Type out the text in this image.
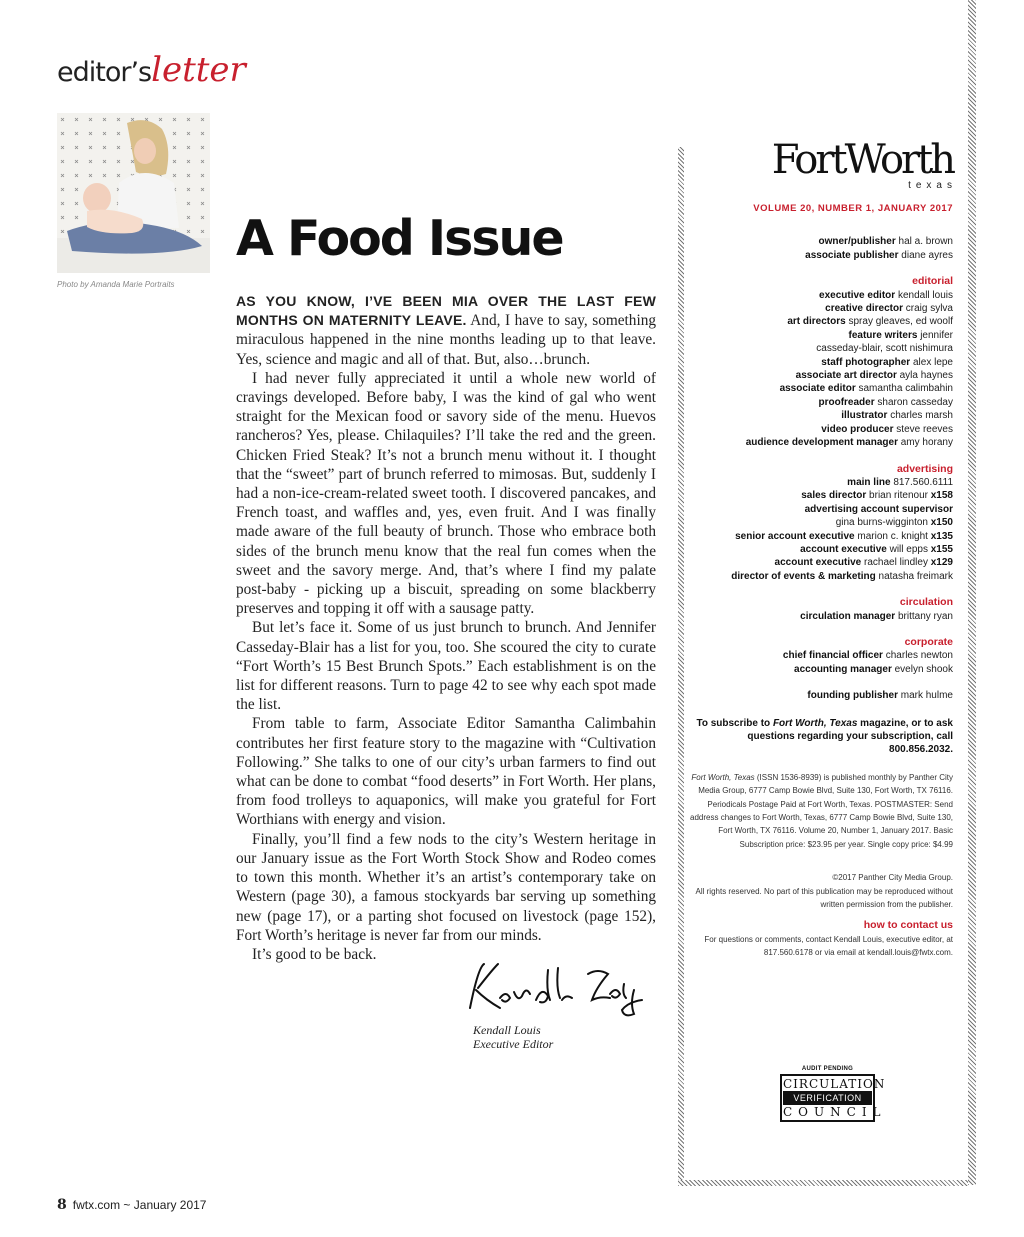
editor’sletter
Photo by Amanda Marie Portraits
A Food Issue

AS YOU KNOW, I’VE BEEN MIA OVER THE LAST FEW MONTHS ON MATERNITY LEAVE. And, I have to say, something miraculous happened in the nine months leading up to that leave. Yes, science and magic and all of that. But, also…brunch.

I had never fully appreciated it until a whole new world of cravings developed. Before baby, I was the kind of gal who went straight for the Mexican food or savory side of the menu. Huevos rancheros? Yes, please. Chilaquiles? I’ll take the red and the green. Chicken Fried Steak? It’s not a brunch menu without it. I thought that the “sweet” part of brunch referred to mimosas. But, suddenly I had a non-ice-cream-related sweet tooth. I discovered pancakes, and French toast, and waffles and, yes, even fruit. And I was finally made aware of the full beauty of brunch. Those who embrace both sides of the brunch menu know that the real fun comes when the sweet and the savory merge. And, that’s where I find my palate post-baby - picking up a biscuit, spreading on some blackberry preserves and topping it off with a sausage patty.

But let’s face it. Some of us just brunch to brunch. And Jennifer Casseday-Blair has a list for you, too. She scoured the city to curate “Fort Worth’s 15 Best Brunch Spots.” Each establishment is on the list for different reasons. Turn to page 42 to see why each spot made the list.

From table to farm, Associate Editor Samantha Calimbahin contributes her first feature story to the magazine with “Cultivation Following.” She talks to one of our city’s urban farmers to find out what can be done to combat “food deserts” in Fort Worth. Her plans, from food trolleys to aquaponics, will make you grateful for Fort Worthians with energy and vision.

Finally, you’ll find a few nods to the city’s Western heritage in our January issue as the Fort Worth Stock Show and Rodeo comes to town this month. Whether it’s an artist’s contemporary take on Western (page 30), a famous stockyards bar serving up something new (page 17), or a parting shot focused on livestock (page 152), Fort Worth’s heritage is never far from our minds.

It’s good to be back.

Kendall Louis
Executive Editor
8 fwtx.com ~ January 2017
FortWorth
texas
VOLUME 20, NUMBER 1, JANUARY 2017
owner/publisher hal a. brown
associate publisher diane ayres
editorial
executive editor kendall louis
creative director craig sylva
art directors spray gleaves, ed woolf
feature writers jennifer
casseday-blair, scott nishimura
staff photographer alex lepe
associate art director ayla haynes
associate editor samantha calimbahin
proofreader sharon casseday
illustrator charles marsh
video producer steve reeves
audience development manager amy horany
advertising
main line 817.560.6111
sales director brian ritenour x158
advertising account supervisor
gina burns-wigginton x150
senior account executive marion c. knight x135
account executive will epps x155
account executive rachael lindley x129
director of events & marketing natasha freimark
circulation
circulation manager brittany ryan
corporate
chief financial officer charles newton
accounting manager evelyn shook
founding publisher mark hulme
To subscribe to Fort Worth, Texas magazine, or to ask questions regarding your subscription, call 800.856.2032.
Fort Worth, Texas (ISSN 1536-8939) is published monthly by Panther City Media Group, 6777 Camp Bowie Blvd, Suite 130, Fort Worth, TX 76116. Periodicals Postage Paid at Fort Worth, Texas. POSTMASTER: Send address changes to Fort Worth, Texas, 6777 Camp Bowie Blvd, Suite 130, Fort Worth, TX 76116. Volume 20, Number 1, January 2017. Basic Subscription price: $23.95 per year. Single copy price: $4.99
©2017 Panther City Media Group.
All rights reserved. No part of this publication may be reproduced without written permission from the publisher.
how to contact us
For questions or comments, contact Kendall Louis, executive editor, at 817.560.6178 or via email at kendall.louis@fwtx.com.
AUDIT PENDING
CIRCULATION
VERIFICATION
COUNCIL
